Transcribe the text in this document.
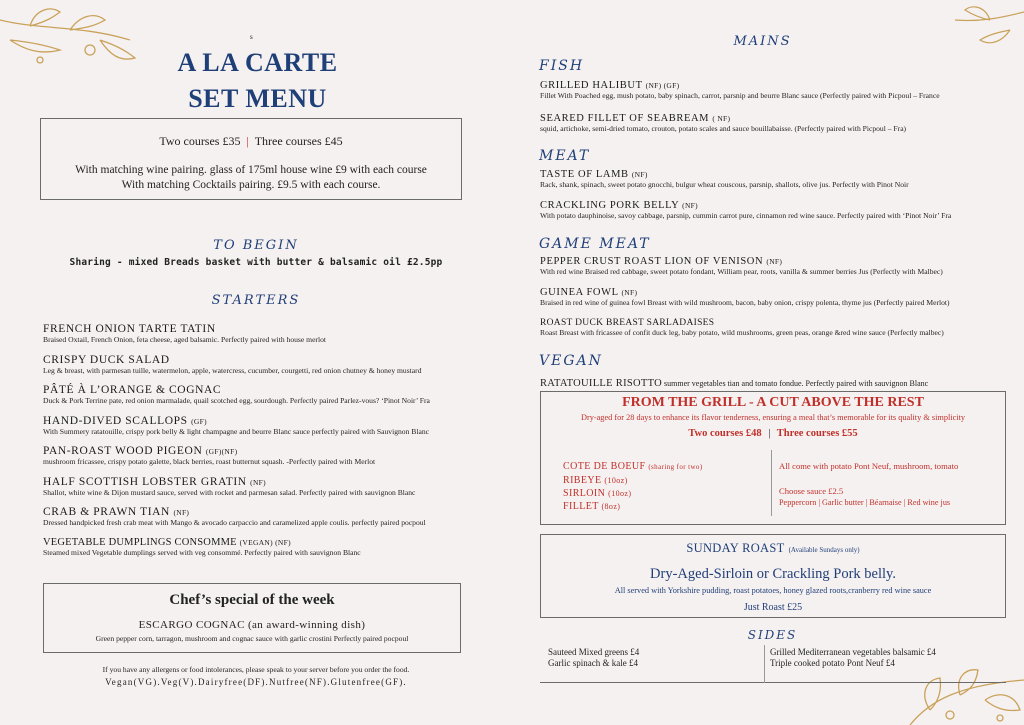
s
A LA CARTE
SET MENU
Two courses £35 | Three courses £45
With matching wine pairing. glass of 175ml house wine £9 with each course
With matching Cocktails pairing. £9.5 with each course.
TO BEGIN
Sharing - mixed Breads basket with butter & balsamic oil £2.5pp
STARTERS
FRENCH ONION TARTE TATIN
Braised Oxtail, French Onion, feta cheese, aged balsamic. Perfectly paired with house merlot
CRISPY DUCK SALAD
Leg & breast, with parmesan tuille, watermelon, apple, watercress, cucumber, courgetti, red onion chutney & honey mustard
PÂTÉ À L’ORANGE & COGNAC
Duck & Pork Terrine pate, red onion marmalade, quail scotched egg, sourdough. Perfectly paired Parlez-vous? ‘Pinot Noir’ Fra
HAND-DIVED SCALLOPS (GF)
With Summery ratatouille, crispy pork belly & light champagne and beurre Blanc sauce perfectly paired with Sauvignon Blanc
PAN-ROAST WOOD PIGEON (GF)(NF)
mushroom fricassee, crispy potato galette, black berries, roast butternut squash. -Perfectly paired with Merlot
HALF SCOTTISH LOBSTER GRATIN (NF)
Shallot, white wine & Dijon mustard sauce, served with rocket and parmesan salad. Perfectly paired with sauvignon Blanc
CRAB & PRAWN TIAN (NF)
Dressed handpicked fresh crab meat with Mango & avocado carpaccio and caramelized apple coulis. perfectly paired pocpoul
VEGETABLE DUMPLINGS CONSOMME (VEGAN) (NF)
Steamed mixed Vegetable dumplings served with veg consommé. Perfectly paired with sauvignon Blanc
Chef’s special of the week
ESCARGO COGNAC (an award-winning dish)
Green pepper corn, tarragon, mushroom and cognac sauce with garlic crostini Perfectly paired pocpoul
If you have any allergens or food intolerances, please speak to your server before you order the food.
Vegan(VG).Veg(V).Dairyfree(DF).Nutfree(NF).Glutenfree(GF).
MAINS
FISH
GRILLED HALIBUT (NF) (GF)
Fillet With Poached egg, mush potato, baby spinach, carrot, parsnip and beurre Blanc sauce (Perfectly paired with Picpoul – France
SEARED FILLET OF SEABREAM ( NF)
squid, artichoke, semi-dried tomato, crouton, potato scales and sauce bouillabaisse. (Perfectly paired with Picpoul – Fra)
MEAT
TASTE OF LAMB (NF)
Rack, shank, spinach, sweet potato gnocchi, bulgur wheat couscous, parsnip, shallots, olive jus. Perfectly with Pinot Noir
CRACKLING PORK BELLY (NF)
With potato dauphinoise, savoy cabbage, parsnip, cummin carrot pure, cinnamon red wine sauce. Perfectly paired with ‘Pinot Noir’ Fra
GAME MEAT
PEPPER CRUST ROAST LION OF VENISON (NF)
With red wine Braised red cabbage, sweet potato fondant, William pear, roots, vanilla & summer berries Jus (Perfectly with Malbec)
GUINEA FOWL (NF)
Braised in red wine of guinea fowl Breast with wild mushroom, bacon, baby onion, crispy polenta, thyme jus (Perfectly paired Merlot)
ROAST DUCK BREAST SARLADAISES
Roast Breast with fricassee of confit duck leg, baby potato, wild mushrooms, green peas, orange &red wine sauce (Perfectly malbec)
VEGAN
RATATOUILLE RISOTTO summer vegetables tian and tomato fondue. Perfectly paired with sauvignon Blanc
FROM THE GRILL - A CUT ABOVE THE REST
Dry-aged for 28 days to enhance its flavor tenderness, ensuring a meal that’s memorable for its quality & simplicity
Two courses £48 | Three courses £55
COTE DE BOEUF (sharing for two)
RIBEYE (10oz)
SIRLOIN (10oz)
FILLET (8oz)
All come with potato Pont Neuf, mushroom, tomato
Choose sauce £2.5
Peppercorn | Garlic butter | Béarnaise | Red wine jus
SUNDAY ROAST (Available Sundays only)
Dry-Aged-Sirloin or Crackling Pork belly.
All served with Yorkshire pudding, roast potatoes, honey glazed roots,cranberry red wine sauce
Just Roast £25
SIDES
Sauteed Mixed greens £4
Garlic spinach & kale £4
Grilled Mediterranean vegetables balsamic £4
Triple cooked potato Pont Neuf £4
